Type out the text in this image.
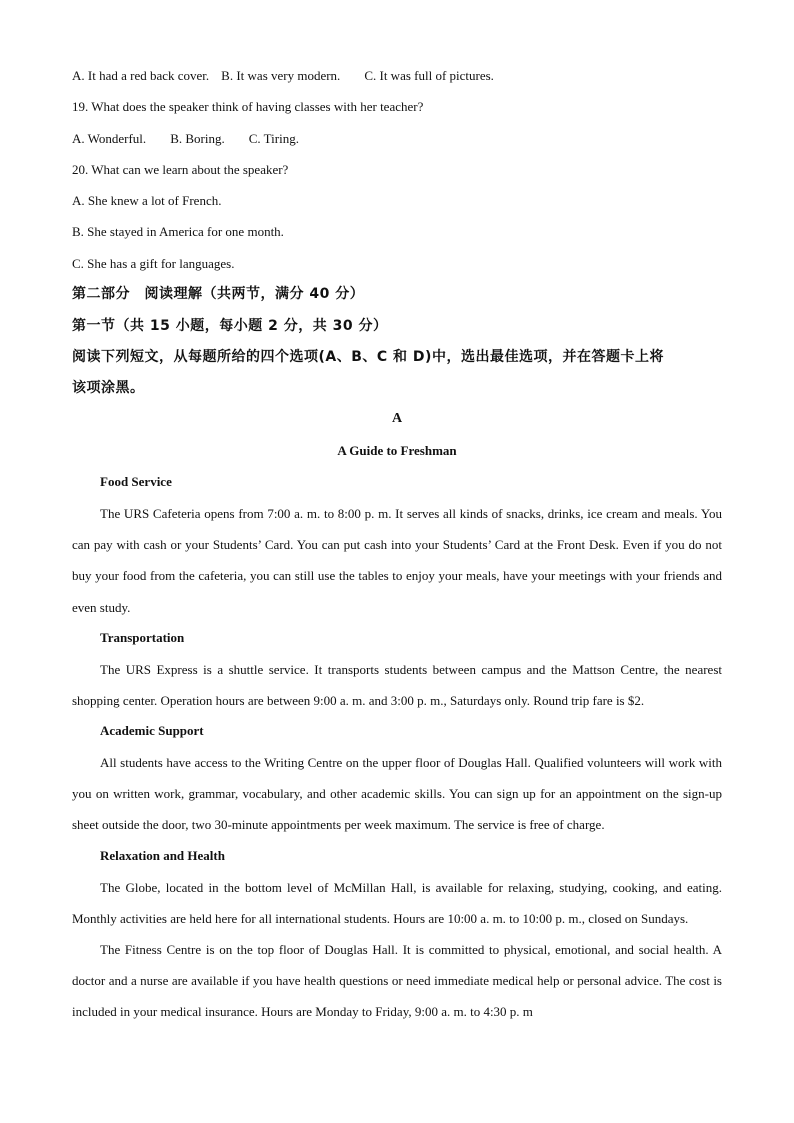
A. It had a red back cover. B. It was very modern. C. It was full of pictures.
19. What does the speaker think of having classes with her teacher?
A. Wonderful. B. Boring. C. Tiring.
20. What can we learn about the speaker?
A. She knew a lot of French.
B. She stayed in America for one month.
C. She has a gift for languages.
第二部分　阅读理解（共两节，满分 40 分）
第一节（共 15 小题，每小题 2 分，共 30 分）
阅读下列短文，从每题所给的四个选项(A、B、C 和 D)中，选出最佳选项，并在答题卡上将
该项涂黑。
A
A Guide to Freshman
Food Service
The URS Cafeteria opens from 7:00 a. m. to 8:00 p. m. It serves all kinds of snacks, drinks, ice cream and meals. You can pay with cash or your Students’ Card. You can put cash into your Students’ Card at the Front Desk. Even if you do not buy your food from the cafeteria, you can still use the tables to enjoy your meals, have your meetings with your friends and even study.
Transportation
The URS Express is a shuttle service. It transports students between campus and the Mattson Centre, the nearest shopping center. Operation hours are between 9:00 a. m. and 3:00 p. m., Saturdays only. Round trip fare is $2.
Academic Support
All students have access to the Writing Centre on the upper floor of Douglas Hall. Qualified volunteers will work with you on written work, grammar, vocabulary, and other academic skills. You can sign up for an appointment on the sign-up sheet outside the door, two 30-minute appointments per week maximum. The service is free of charge.
Relaxation and Health
The Globe, located in the bottom level of McMillan Hall, is available for relaxing, studying, cooking, and eating. Monthly activities are held here for all international students. Hours are 10:00 a. m. to 10:00 p. m., closed on Sundays.
The Fitness Centre is on the top floor of Douglas Hall. It is committed to physical, emotional, and social health. A doctor and a nurse are available if you have health questions or need immediate medical help or personal advice. The cost is included in your medical insurance. Hours are Monday to Friday, 9:00 a. m. to 4:30 p. m
